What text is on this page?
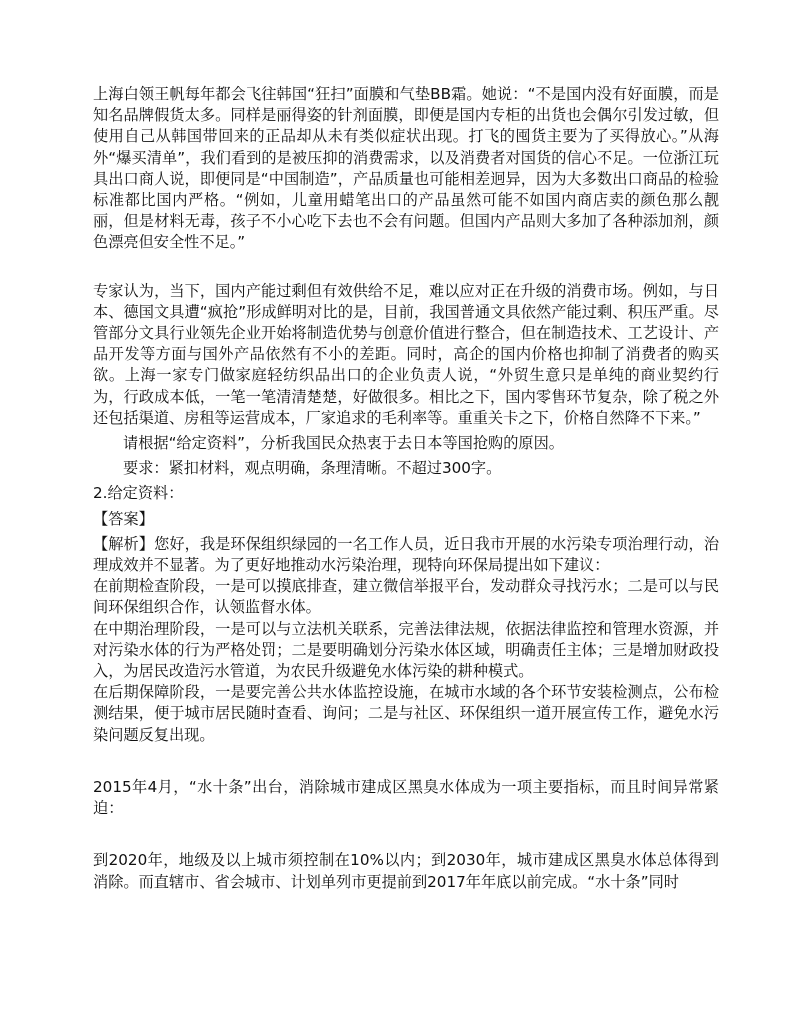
上海白领王帆每年都会飞往韩国“狂扫”面膜和气垫BB霜。她说：“不是国内没有好面膜，而是知名品牌假货太多。同样是丽得姿的针剂面膜，即便是国内专柜的出货也会偶尔引发过敏，但使用自己从韩国带回来的正品却从未有类似症状出现。打飞的囤货主要为了买得放心。”从海外“爆买清单”，我们看到的是被压抑的消费需求，以及消费者对国货的信心不足。一位浙江玩具出口商人说，即便同是“中国制造”，产品质量也可能相差迥异，因为大多数出口商品的检验标准都比国内严格。“例如，儿童用蜡笔出口的产品虽然可能不如国内商店卖的颜色那么靓丽，但是材料无毒，孩子不小心吃下去也不会有问题。但国内产品则大多加了各种添加剂，颜色漂亮但安全性不足。”

专家认为，当下，国内产能过剩但有效供给不足，难以应对正在升级的消费市场。例如，与日本、德国文具遭“疯抢”形成鲜明对比的是，目前，我国普通文具依然产能过剩、积压严重。尽管部分文具行业领先企业开始将制造优势与创意价值进行整合，但在制造技术、工艺设计、产品开发等方面与国外产品依然有不小的差距。同时，高企的国内价格也抑制了消费者的购买欲。上海一家专门做家庭轻纺织品出口的企业负责人说，“外贸生意只是单纯的商业契约行为，行政成本低，一笔一笔清清楚楚，好做很多。相比之下，国内零售环节复杂，除了税之外还包括渠道、房租等运营成本，厂家追求的毛利率等。重重关卡之下，价格自然降不下来。”

请根据“给定资料”，分析我国民众热衷于去日本等国抢购的原因。

要求：紧扣材料，观点明确，条理清晰。不超过300字。

2.给定资料：

【答案】

【解析】您好，我是环保组织绿园的一名工作人员，近日我市开展的水污染专项治理行动，治理成效并不显著。为了更好地推动水污染治理，现特向环保局提出如下建议：

在前期检查阶段，一是可以摸底排查，建立微信举报平台，发动群众寻找污水；二是可以与民间环保组织合作，认领监督水体。

在中期治理阶段，一是可以与立法机关联系，完善法律法规，依据法律监控和管理水资源，并对污染水体的行为严格处罚；二是要明确划分污染水体区域，明确责任主体；三是增加财政投入，为居民改造污水管道，为农民升级避免水体污染的耕种模式。

在后期保障阶段，一是要完善公共水体监控设施，在城市水域的各个环节安装检测点，公布检测结果，便于城市居民随时查看、询问；二是与社区、环保组织一道开展宣传工作，避免水污染问题反复出现。

2015年4月，“水十条”出台，消除城市建成区黑臭水体成为一项主要指标，而且时间异常紧迫：

到2020年，地级及以上城市须控制在10%以内；到2030年，城市建成区黑臭水体总体得到消除。而直辖市、省会城市、计划单列市更提前到2017年年底以前完成。“水十条”同时
